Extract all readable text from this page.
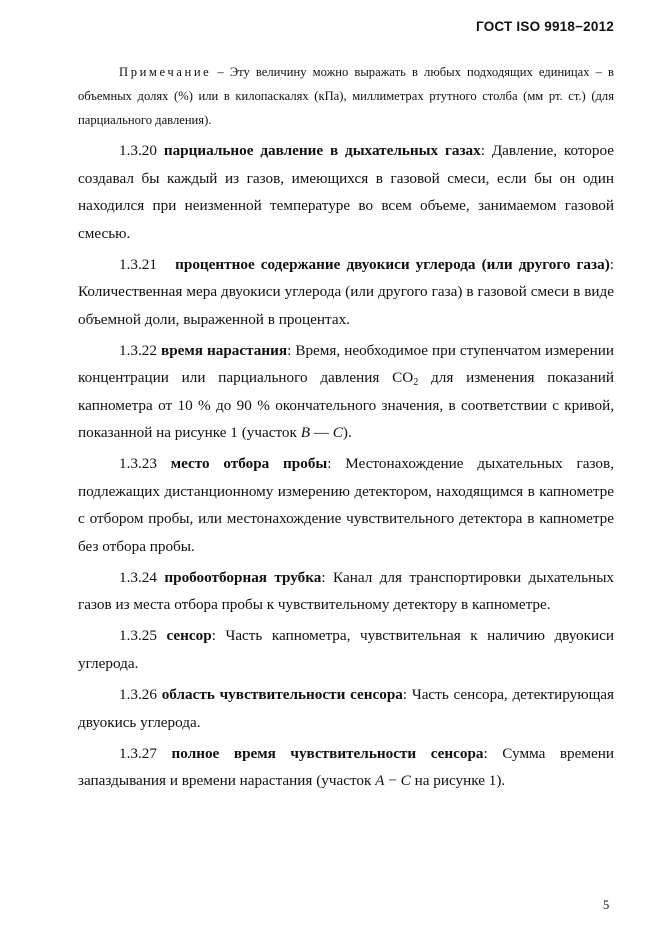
ГОСТ ISO 9918−2012

Примечание – Эту величину можно выражать в любых подходящих единицах – в объемных долях (%) или в килопаскалях (кПа), миллиметрах ртутного столба (мм рт. ст.) (для парциального давления).

1.3.20 парциальное давление в дыхательных газах: Давление, которое создавал бы каждый из газов, имеющихся в газовой смеси, если бы он один находился при неизменной температуре во всем объеме, занимаемом газовой смесью.

1.3.21 процентное содержание двуокиси углерода (или другого газа): Количественная мера двуокиси углерода (или другого газа) в газовой смеси в виде объемной доли, выраженной в процентах.

1.3.22 время нарастания: Время, необходимое при ступенчатом измерении концентрации или парциального давления $CO_2$ для изменения показаний капнометра от 10 % до 90 % окончательного значения, в соответствии с кривой, показанной на рисунке 1 (участок В — С).

1.3.23 место отбора пробы: Местонахождение дыхательных газов, подлежащих дистанционному измерению детектором, находящимся в капнометре с отбором пробы, или местонахождение чувствительного детектора в капнометре без отбора пробы.

1.3.24 пробоотборная трубка: Канал для транспортировки дыхательных газов из места отбора пробы к чувствительному детектору в капнометре.

1.3.25 сенсор: Часть капнометра, чувствительная к наличию двуокиси углерода.

1.3.26 область чувствительности сенсора: Часть сенсора, детектирующая двуокись углерода.

1.3.27 полное время чувствительности сенсора: Сумма времени запаздывания и времени нарастания (участок А − С на рисунке 1).

5
